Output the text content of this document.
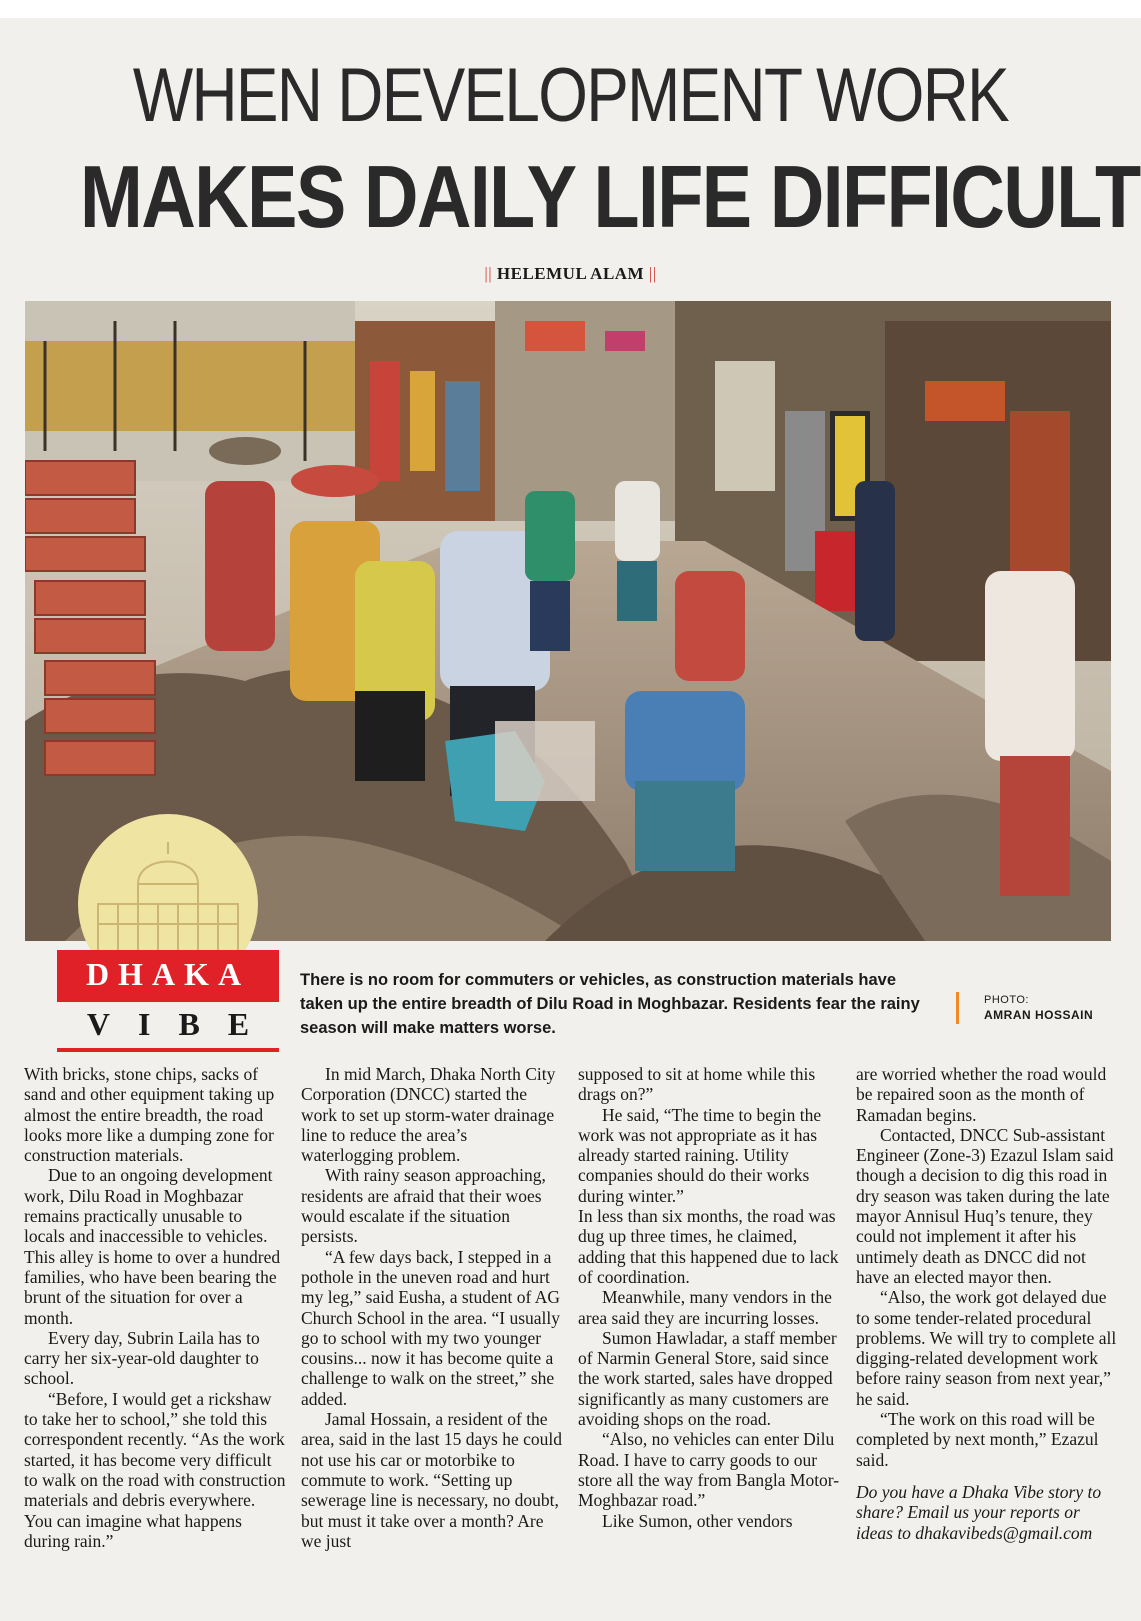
WHEN DEVELOPMENT WORK
MAKES DAILY LIFE DIFFICULT
|| HELEMUL ALAM ||
DHAKA
VIBE
There is no room for commuters or vehicles, as construction materials have taken up the entire breadth of Dilu Road in Moghbazar. Residents fear the rainy season will make matters worse.
PHOTO:
AMRAN HOSSAIN

With bricks, stone chips, sacks of sand and other equipment taking up almost the entire breadth, the road looks more like a dumping zone for construction materials.

Due to an ongoing development work, Dilu Road in Moghbazar remains practically unusable to locals and inaccessible to vehicles. This alley is home to over a hundred families, who have been bearing the brunt of the situation for over a month.

Every day, Subrin Laila has to carry her six-year-old daughter to school.

“Before, I would get a rickshaw to take her to school,” she told this correspondent recently. “As the work started, it has become very difficult to walk on the road with construction materials and debris everywhere. You can imagine what happens during rain.”

In mid March, Dhaka North City Corporation (DNCC) started the work to set up storm-water drainage line to reduce the area’s waterlogging problem.

With rainy season approaching, residents are afraid that their woes would escalate if the situation persists.

“A few days back, I stepped in a pothole in the uneven road and hurt my leg,” said Eusha, a student of AG Church School in the area. “I usually go to school with my two younger cousins... now it has become quite a challenge to walk on the street,” she added.

Jamal Hossain, a resident of the area, said in the last 15 days he could not use his car or motorbike to commute to work. “Setting up sewerage line is necessary, no doubt, but must it take over a month? Are we just

supposed to sit at home while this drags on?”

He said, “The time to begin the work was not appropriate as it has already started raining. Utility companies should do their works during winter.”

In less than six months, the road was dug up three times, he claimed, adding that this happened due to lack of coordination.

Meanwhile, many vendors in the area said they are incurring losses.

Sumon Hawladar, a staff member of Narmin General Store, said since the work started, sales have dropped significantly as many customers are avoiding shops on the road.

“Also, no vehicles can enter Dilu Road. I have to carry goods to our store all the way from Bangla Motor-Moghbazar road.”

Like Sumon, other vendors

are worried whether the road would be repaired soon as the month of Ramadan begins.

Contacted, DNCC Sub-assistant Engineer (Zone-3) Ezazul Islam said though a decision to dig this road in dry season was taken during the late mayor Annisul Huq’s tenure, they could not implement it after his untimely death as DNCC did not have an elected mayor then.

“Also, the work got delayed due to some tender-related procedural problems. We will try to complete all digging-related development work before rainy season from next year,” he said.

“The work on this road will be completed by next month,” Ezazul said.

Do you have a Dhaka Vibe story to share? Email us your reports or ideas to dhakavibeds@gmail.com
